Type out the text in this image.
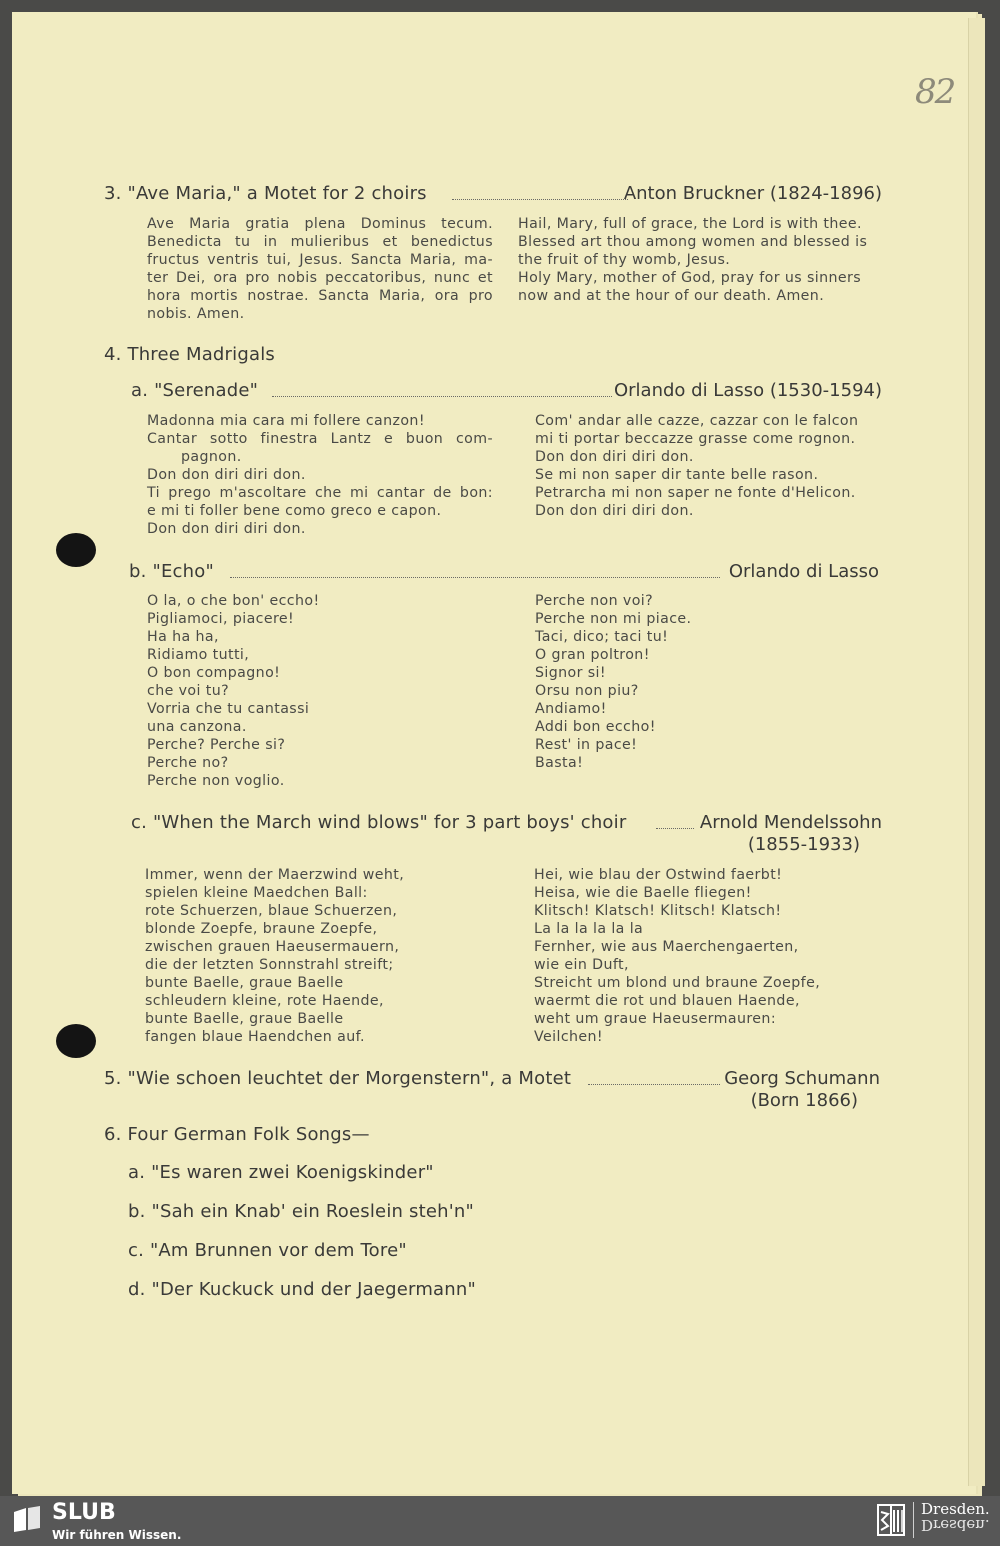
82
3. "Ave Maria," a Motet for 2 choirs	Anton Bruckner (1824-1896)
Ave Maria gratia plena Dominus tecum.
Benedicta tu in mulieribus et benedictus
fructus ventris tui, Jesus. Sancta Maria, ma-
ter Dei, ora pro nobis peccatoribus, nunc et
hora mortis nostrae. Sancta Maria, ora pro
nobis. Amen.
Hail, Mary, full of grace, the Lord is with thee.
Blessed art thou among women and blessed is
the fruit of thy womb, Jesus.
Holy Mary, mother of God, pray for us sinners
now and at the hour of our death. Amen.
4. Three Madrigals
a. "Serenade"	Orlando di Lasso (1530-1594)
Madonna mia cara mi follere canzon!
Cantar sotto finestra Lantz e buon com-
pagnon.
Don don diri diri don.
Ti prego m'ascoltare che mi cantar de bon:
e mi ti foller bene como greco e capon.
Don don diri diri don.
Com' andar alle cazze, cazzar con le falcon
mi ti portar beccazze grasse come rognon.
Don don diri diri don.
Se mi non saper dir tante belle rason.
Petrarcha mi non saper ne fonte d'Helicon.
Don don diri diri don.
b. "Echo"	Orlando di Lasso
O la, o che bon' eccho!
Pigliamoci, piacere!
Ha ha ha,
Ridiamo tutti,
O bon compagno!
che voi tu?
Vorria che tu cantassi
una canzona.
Perche? Perche si?
Perche no?
Perche non voglio.
Perche non voi?
Perche non mi piace.
Taci, dico; taci tu!
O gran poltron!
Signor si!
Orsu non piu?
Andiamo!
Addi bon eccho!
Rest' in pace!
Basta!
c. "When the March wind blows" for 3 part boys' choir	Arnold Mendelssohn
(1855-1933)
Immer, wenn der Maerzwind weht,
spielen kleine Maedchen Ball:
rote Schuerzen, blaue Schuerzen,
blonde Zoepfe, braune Zoepfe,
zwischen grauen Haeusermauern,
die der letzten Sonnstrahl streift;
bunte Baelle, graue Baelle
schleudern kleine, rote Haende,
bunte Baelle, graue Baelle
fangen blaue Haendchen auf.
Hei, wie blau der Ostwind faerbt!
Heisa, wie die Baelle fliegen!
Klitsch! Klatsch! Klitsch! Klatsch!
La la la la la la
Fernher, wie aus Maerchengaerten,
wie ein Duft,
Streicht um blond und braune Zoepfe,
waermt die rot und blauen Haende,
weht um graue Haeusermauren:
Veilchen!
5. "Wie schoen leuchtet der Morgenstern", a Motet	Georg Schumann
(Born 1866)
6. Four German Folk Songs—
a. "Es waren zwei Koenigskinder"
b. "Sah ein Knab' ein Roeslein steh'n"
c. "Am Brunnen vor dem Tore"
d. "Der Kuckuck und der Jaegermann"
SLUB
Wir führen Wissen.
Dresden.
Dresden.
